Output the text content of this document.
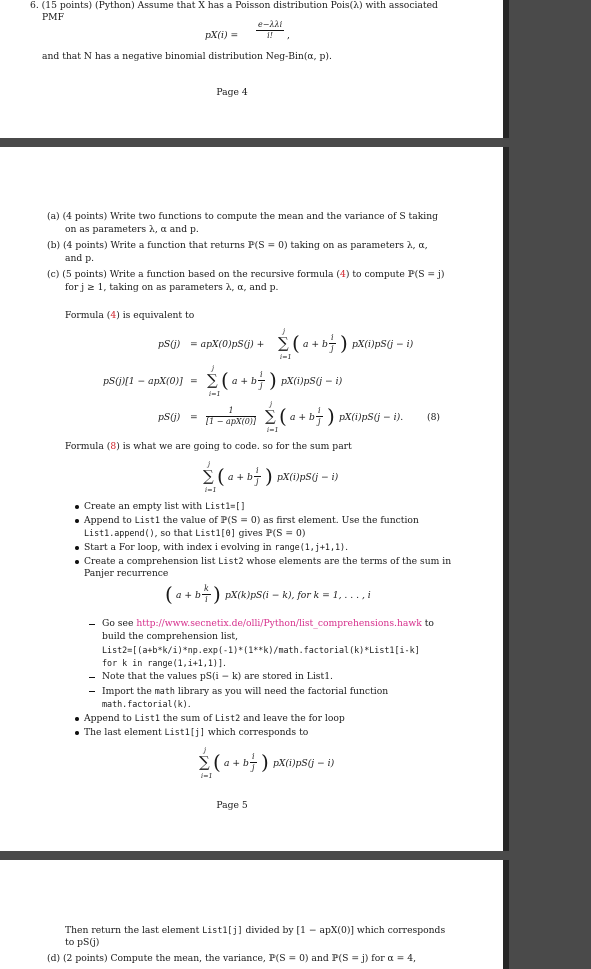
6. (15 points) (Python) Assume that X has a Poisson distribution Pois(λ) with associated
PMF
pX(i) =
e−λλi
i!	,
and that N has a negative binomial distribution Neg-Bin(α, p).
Page 4
(a) (4 points) Write two functions to compute the mean and the variance of S taking
on as parameters λ, α and p.
(b) (4 points) Write a function that returns ℙ(S = 0) taking on as parameters λ, α,
and p.
(c) (5 points) Write a function based on the recursive formula (4) to compute ℙ(S = j)
for j ≥ 1, taking on as parameters λ, α, and p.
Formula (4) is equivalent to
pS(j) = apX(0)pS(j) +
j
∑
i=1
( a + b $\frac{i}{j}$ ) pX(i)pS(j − i)
pS(j)[1 − apX(0)] =
j
∑
i=1
( a + b $\frac{i}{j}$ ) pX(i)pS(j − i)
pS(j) =
1
[1 − apX(0)]
j
∑
i=1
( a + b $\frac{i}{j}$ ) pX(i)pS(j − i).	(8)
Formula (8) is what we are going to code. so for the sum part
j
∑
i=1
( a + b $\frac{i}{j}$ ) pX(i)pS(j − i)
Create an empty list with List1=[]
Append to List1 the value of ℙ(S = 0) as first element. Use the function
List1.append(), so that List1[0] gives ℙ(S = 0)
Start a For loop, with index i evolving in range(1,j+1,1).
Create a comprehension list List2 whose elements are the terms of the sum in
Panjer recurrence
( a + b $\frac{k}{i}$ ) pX(k)pS(i − k), for k = 1, . . . , i
Go see http://www.secnetix.de/olli/Python/list_comprehensions.hawk to
build the comprehension list,
List2=[(a+b*k/i)*np.exp(-1)*(1**k)/math.factorial(k)*List1[i-k]
for k in range(1,i+1,1)].
Note that the values pS(i − k) are stored in List1.
Import the math library as you will need the factorial function
math.factorial(k).
Append to List1 the sum of List2 and leave the for loop
The last element List1[j] which corresponds to
j
∑
i=1
( a + b $\frac{i}{j}$ ) pX(i)pS(j − i)
Page 5
Then return the last element List1[j] divided by [1 − apX(0)] which corresponds
to pS(j)
(d) (2 points) Compute the mean, the variance, ℙ(S = 0) and ℙ(S = j) for α = 4,
